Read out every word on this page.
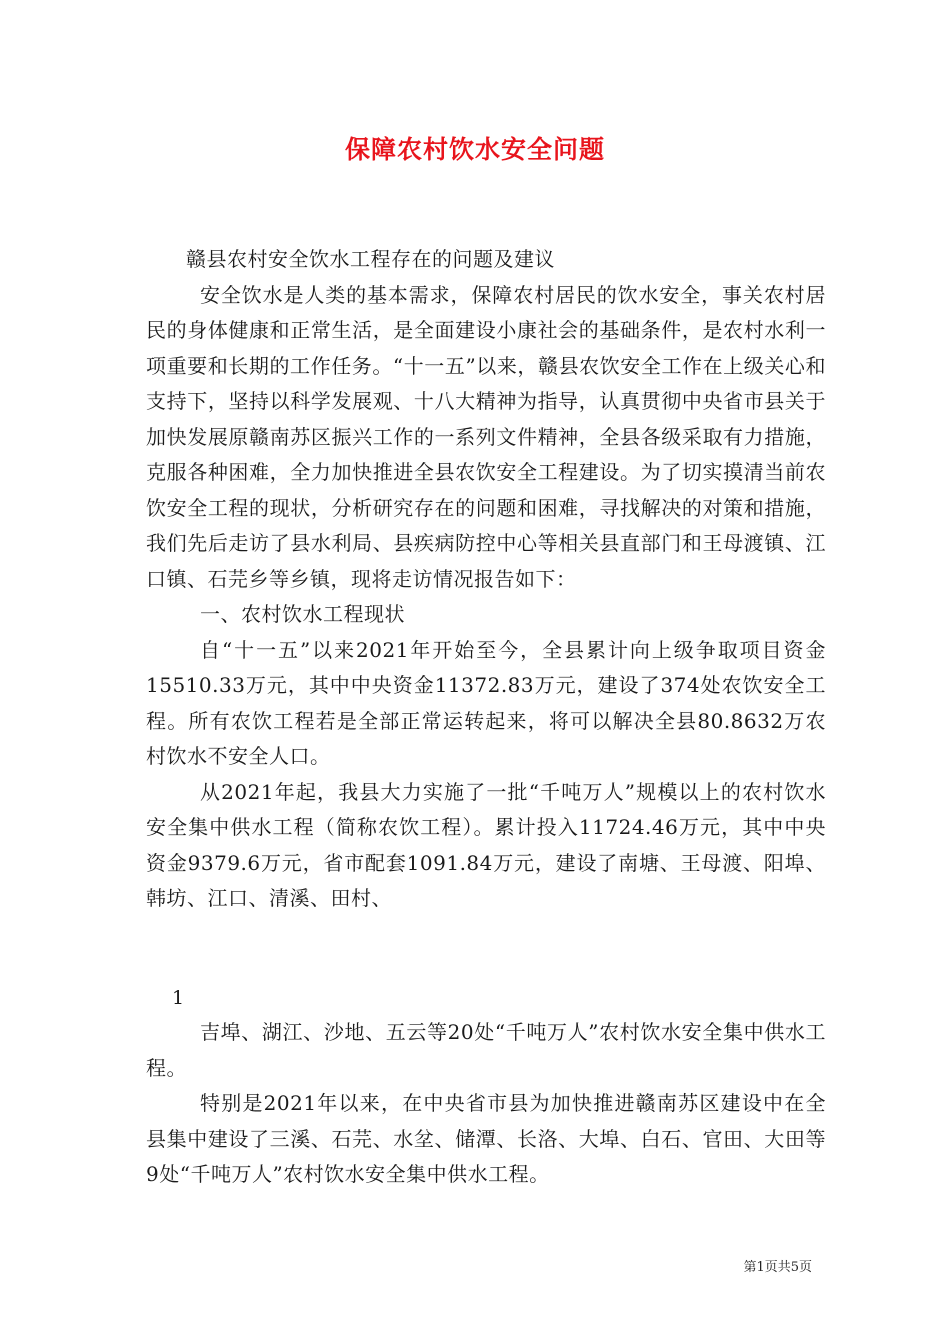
保障农村饮水安全问题

赣县农村安全饮水工程存在的问题及建议

安全饮水是人类的基本需求，保障农村居民的饮水安全，事关农村居民的身体健康和正常生活，是全面建设小康社会的基础条件，是农村水利一项重要和长期的工作任务。“十一五”以来，赣县农饮安全工作在上级关心和支持下，坚持以科学发展观、十八大精神为指导，认真贯彻中央省市县关于加快发展原赣南苏区振兴工作的一系列文件精神，全县各级采取有力措施，克服各种困难，全力加快推进全县农饮安全工程建设。为了切实摸清当前农饮安全工程的现状，分析研究存在的问题和困难，寻找解决的对策和措施，我们先后走访了县水利局、县疾病防控中心等相关县直部门和王母渡镇、江口镇、石芫乡等乡镇，现将走访情况报告如下：

一、农村饮水工程现状

自“十一五”以来2021年开始至今，全县累计向上级争取项目资金15510.33万元，其中中央资金11372.83万元，建设了374处农饮安全工程。所有农饮工程若是全部正常运转起来，将可以解决全县80.8632万农村饮水不安全人口。

从2021年起，我县大力实施了一批“千吨万人”规模以上的农村饮水安全集中供水工程（简称农饮工程）。累计投入11724.46万元，其中中央资金9379.6万元，省市配套1091.84万元，建设了南塘、王母渡、阳埠、韩坊、江口、清溪、田村、

1

吉埠、湖江、沙地、五云等20处“千吨万人”农村饮水安全集中供水工程。

特别是2021年以来，在中央省市县为加快推进赣南苏区建设中在全县集中建设了三溪、石芫、水坌、储潭、长洛、大埠、白石、官田、大田等9处“千吨万人”农村饮水安全集中供水工程。

第1页共5页
